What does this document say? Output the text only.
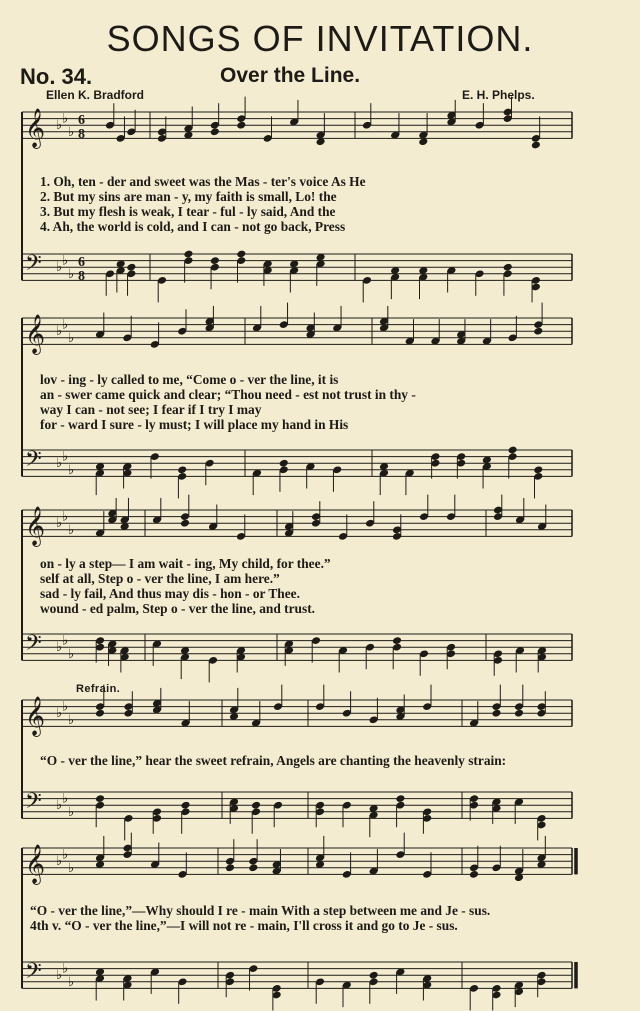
SONGS OF INVITATION.
No. 34.	Over the Line.
Ellen K. Bradford	E. H. Phelps.
Refrain.
𝄞 ♭ ♭
♭
6
8
𝄢 ♭ ♭
♭
6
8
𝄞 ♭ ♭
♭
𝄢 ♭ ♭
♭
𝄞 ♭ ♭
♭
𝄢 ♭ ♭
♭
𝄞 ♭ ♭
♭
𝄢 ♭ ♭
♭
𝄞 ♭ ♭
♭
𝄢 ♭ ♭
♭
1. Oh, ten - der and sweet was the Mas - ter's voice As He
2. But my sins are man - y, my faith is small, Lo! the
3. But my flesh is weak, I tear - ful - ly said, And the
4. Ah, the world is cold, and I can - not go back, Press
lov - ing - ly called to me, “Come o - ver the line, it is
an - swer came quick and clear; “Thou need - est not trust in thy -
way I can - not see; I fear if I try I may
for - ward I sure - ly must; I will place my hand in His
on - ly a step— I am wait - ing, My child, for thee.”
self at all, Step o - ver the line, I am here.”
sad - ly fail, And thus may dis - hon - or Thee.
wound - ed palm, Step o - ver the line, and trust.
“O - ver the line,” hear the sweet refrain, Angels are chanting the heavenly strain:
“O - ver the line,”—Why should I re - main With a step between me and Je - sus.
4th v. “O - ver the line,”—I will not re - main, I'll cross it and go to Je - sus.
